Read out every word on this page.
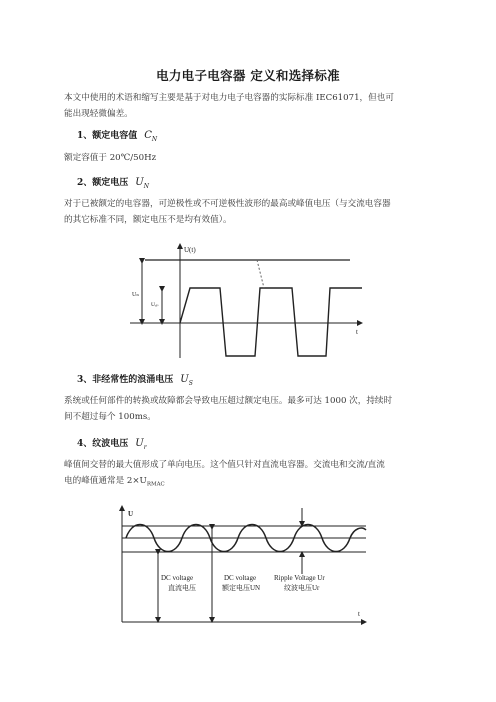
电力电子电容器 定义和选择标准
本文中使用的术语和缩写主要是基于对电力电子电容器的实际标准 IEC61071，但也可
能出现轻微偏差。
1、额定电容值 $C_N$
额定容值于 20℃/50Hz
2、额定电压 $U_N$
对于已被额定的电容器，可逆极性或不可逆极性波形的最高或峰值电压（与交流电容器
的其它标准不同，额定电压不是均有效值）。
U(t)
t
Uₙ
Uᵣₚ
3、非经常性的浪涌电压 $U_S$
系统或任何部件的转换或故障都会导致电压超过额定电压。最多可达 1000 次，持续时
间不超过每个 100ms。
4、纹波电压 $U_r$
峰值间交替的最大值形成了单向电压。这个值只针对直流电容器。交流电和交流/直流
电的峰值通常是 $2\times U_{RMAC}$
U
t
DC voltage
直流电压
DC voltage
额定电压UN
Ripple Voltage Ur
纹波电压Ur
